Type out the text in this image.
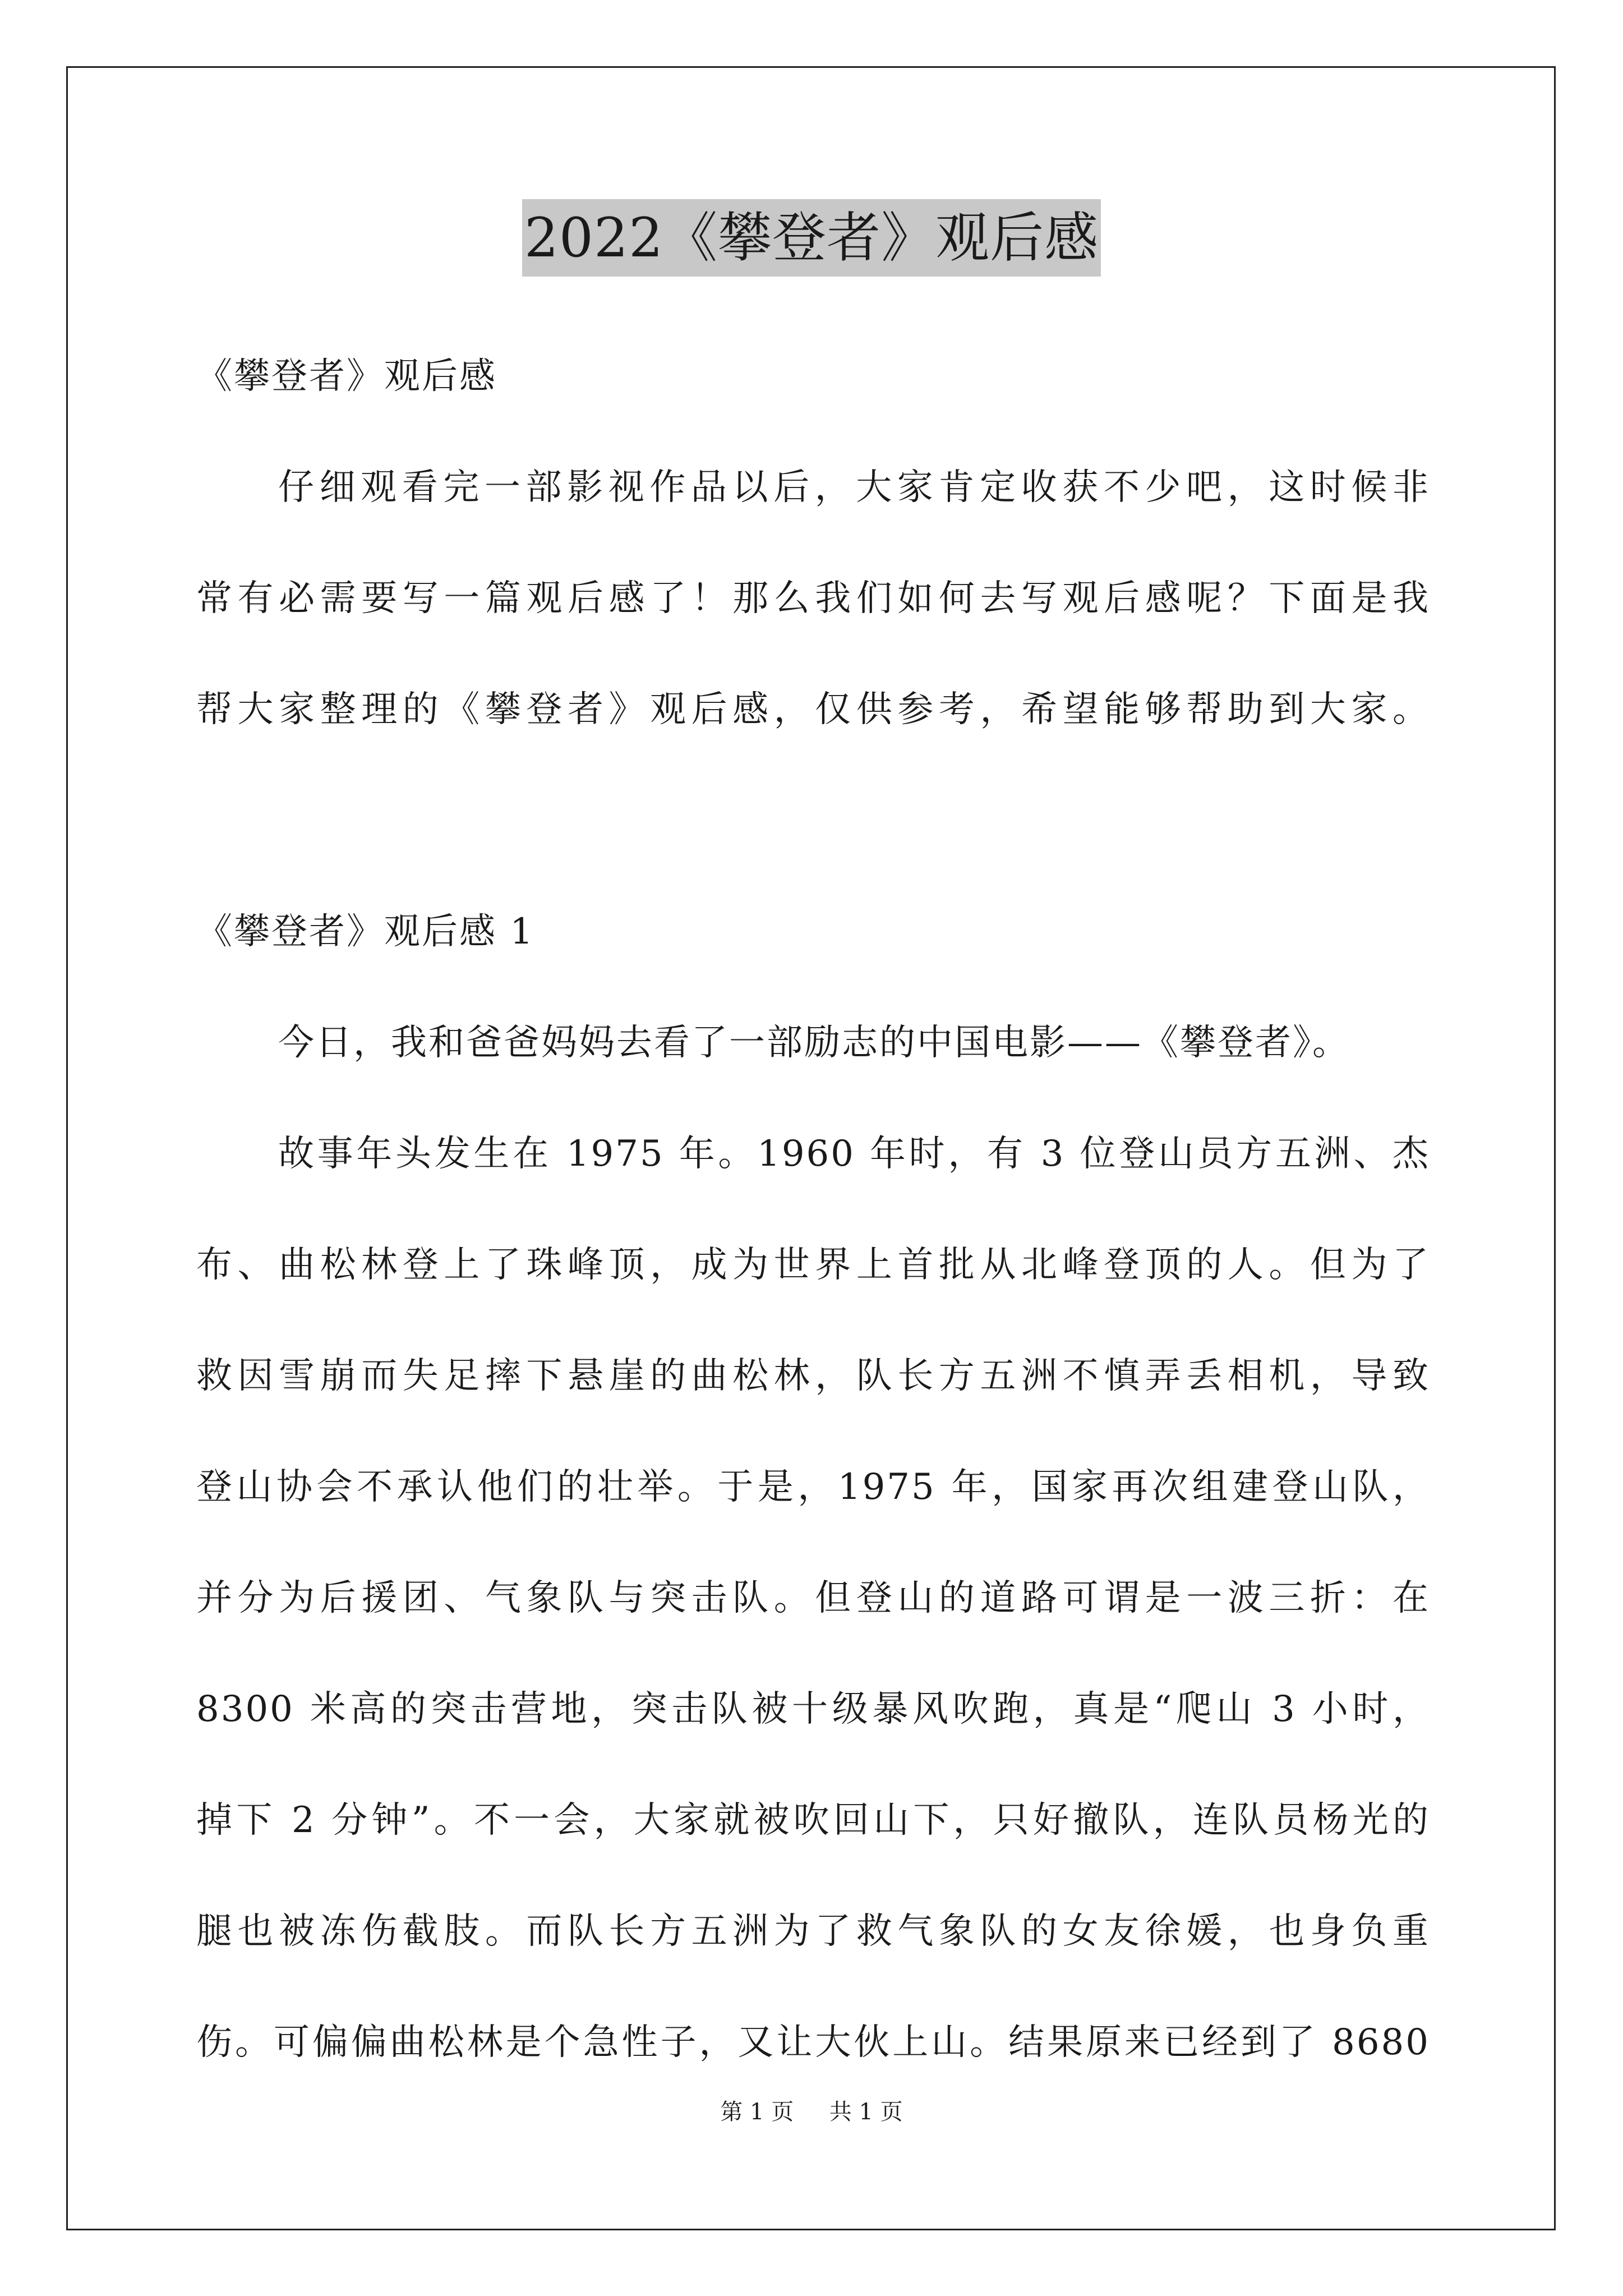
2022《攀登者》观后感
《攀登者》观后感
仔细观看完一部影视作品以后，大家肯定收获不少吧，这时候非
常有必需要写一篇观后感了！那么我们如何去写观后感呢？下面是我
帮大家整理的《攀登者》观后感，仅供参考，希望能够帮助到大家。
《攀登者》观后感 1
今日，我和爸爸妈妈去看了一部励志的中国电影——《攀登者》。
故事年头发生在 1975 年。1960 年时，有 3 位登山员方五洲、杰
布、曲松林登上了珠峰顶，成为世界上首批从北峰登顶的人。但为了
救因雪崩而失足摔下悬崖的曲松林，队长方五洲不慎弄丢相机，导致
登山协会不承认他们的壮举。于是，1975 年，国家再次组建登山队，
并分为后援团、气象队与突击队。但登山的道路可谓是一波三折：在
8300 米高的突击营地，突击队被十级暴风吹跑，真是“爬山 3 小时，
掉下 2 分钟”。不一会，大家就被吹回山下，只好撤队，连队员杨光的
腿也被冻伤截肢。而队长方五洲为了救气象队的女友徐媛，也身负重
伤。可偏偏曲松林是个急性子，又让大伙上山。结果原来已经到了 8680
第 1 页 共 1 页
